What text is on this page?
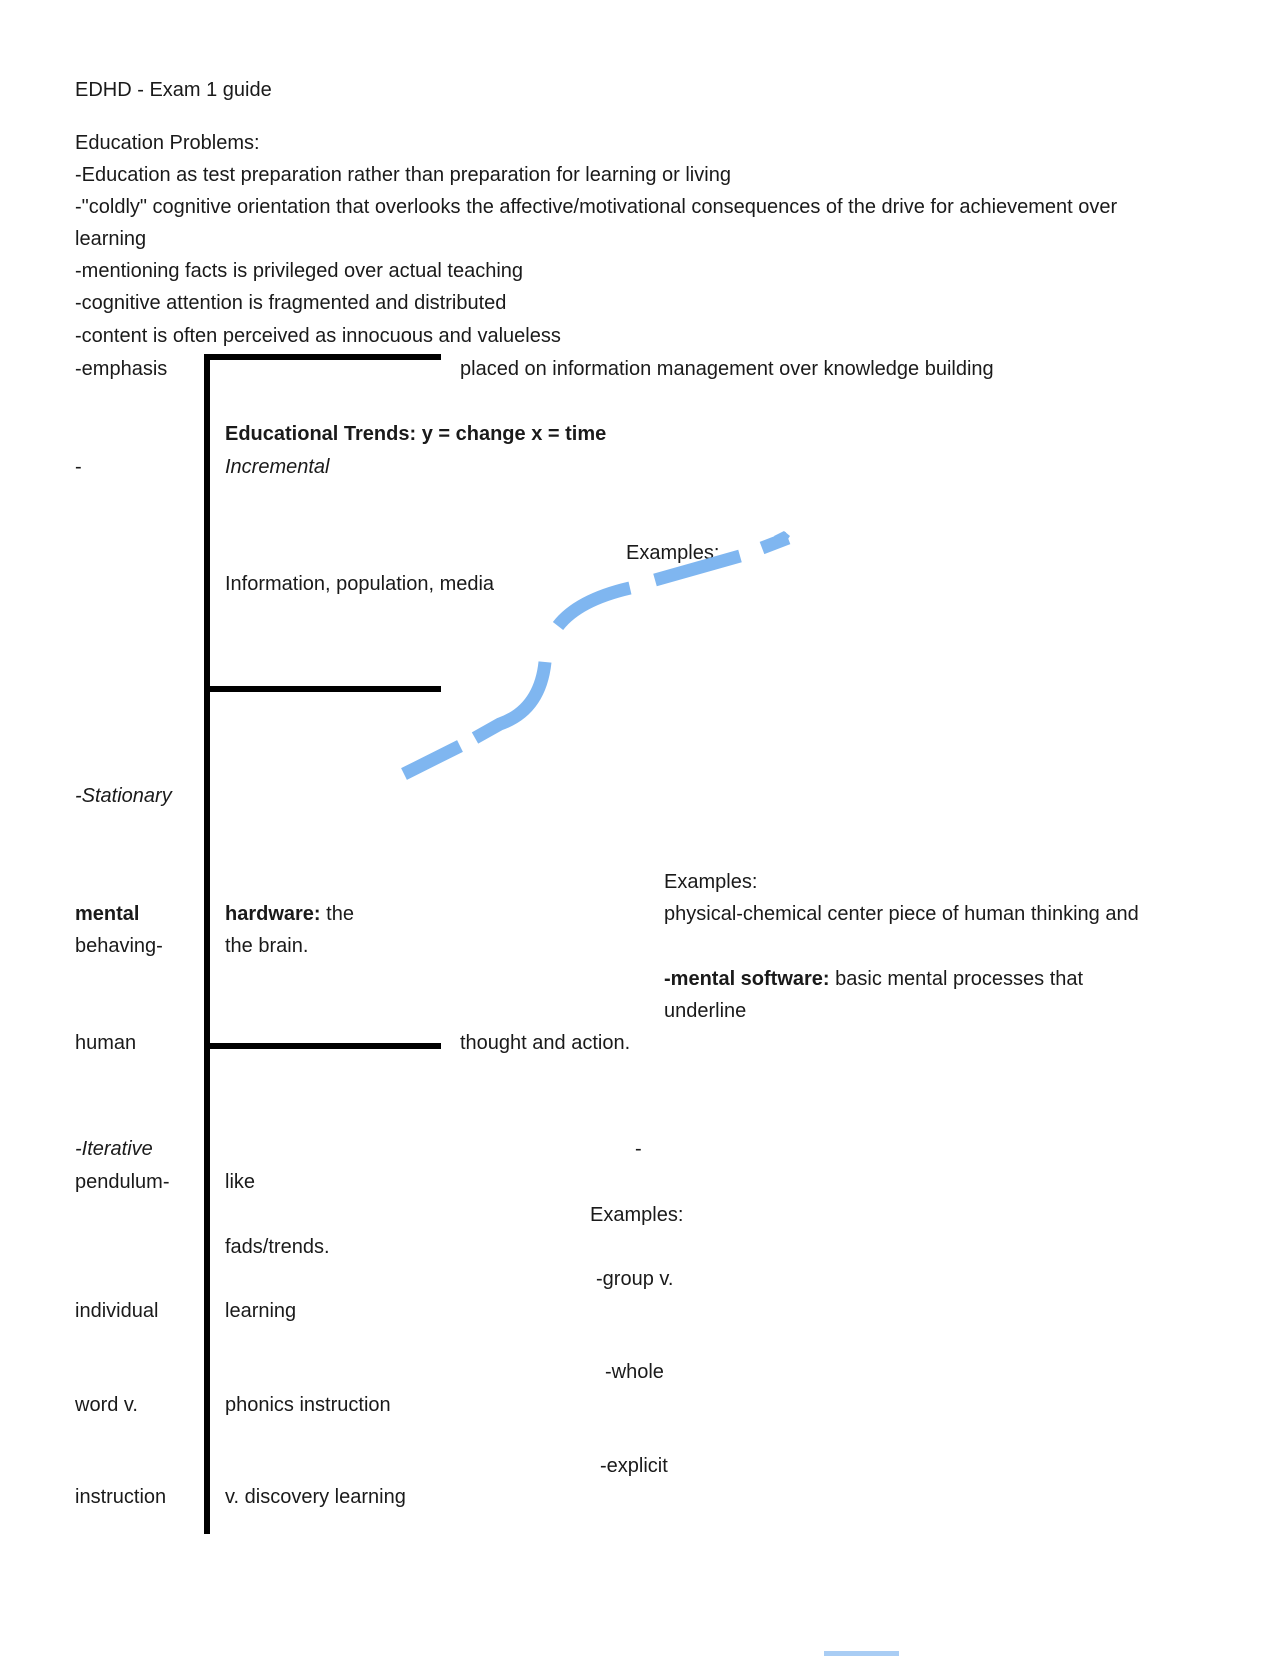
EDHD - Exam 1 guide
Education Problems:
-Education as test preparation rather than preparation for learning or living
-"coldly" cognitive orientation that overlooks the affective/motivational consequences of the drive for achievement over
learning
-mentioning facts is privileged over actual teaching
-cognitive attention is fragmented and distributed
-content is often perceived as innocuous and valueless
-emphasis	placed on information management over knowledge building
Educational Trends: y = change x = time
-	Incremental
Examples:
Information, population, media
-Stationary
Examples:
mental	hardware: the	physical-chemical center piece of human thinking and
behaving-	the brain.
-mental software: basic mental processes that
underline
human	thought and action.
-Iterative	-
pendulum-	like
Examples:
fads/trends.
-group v.
individual	learning
-whole
word v.	phonics instruction
-explicit
instruction	v. discovery learning
